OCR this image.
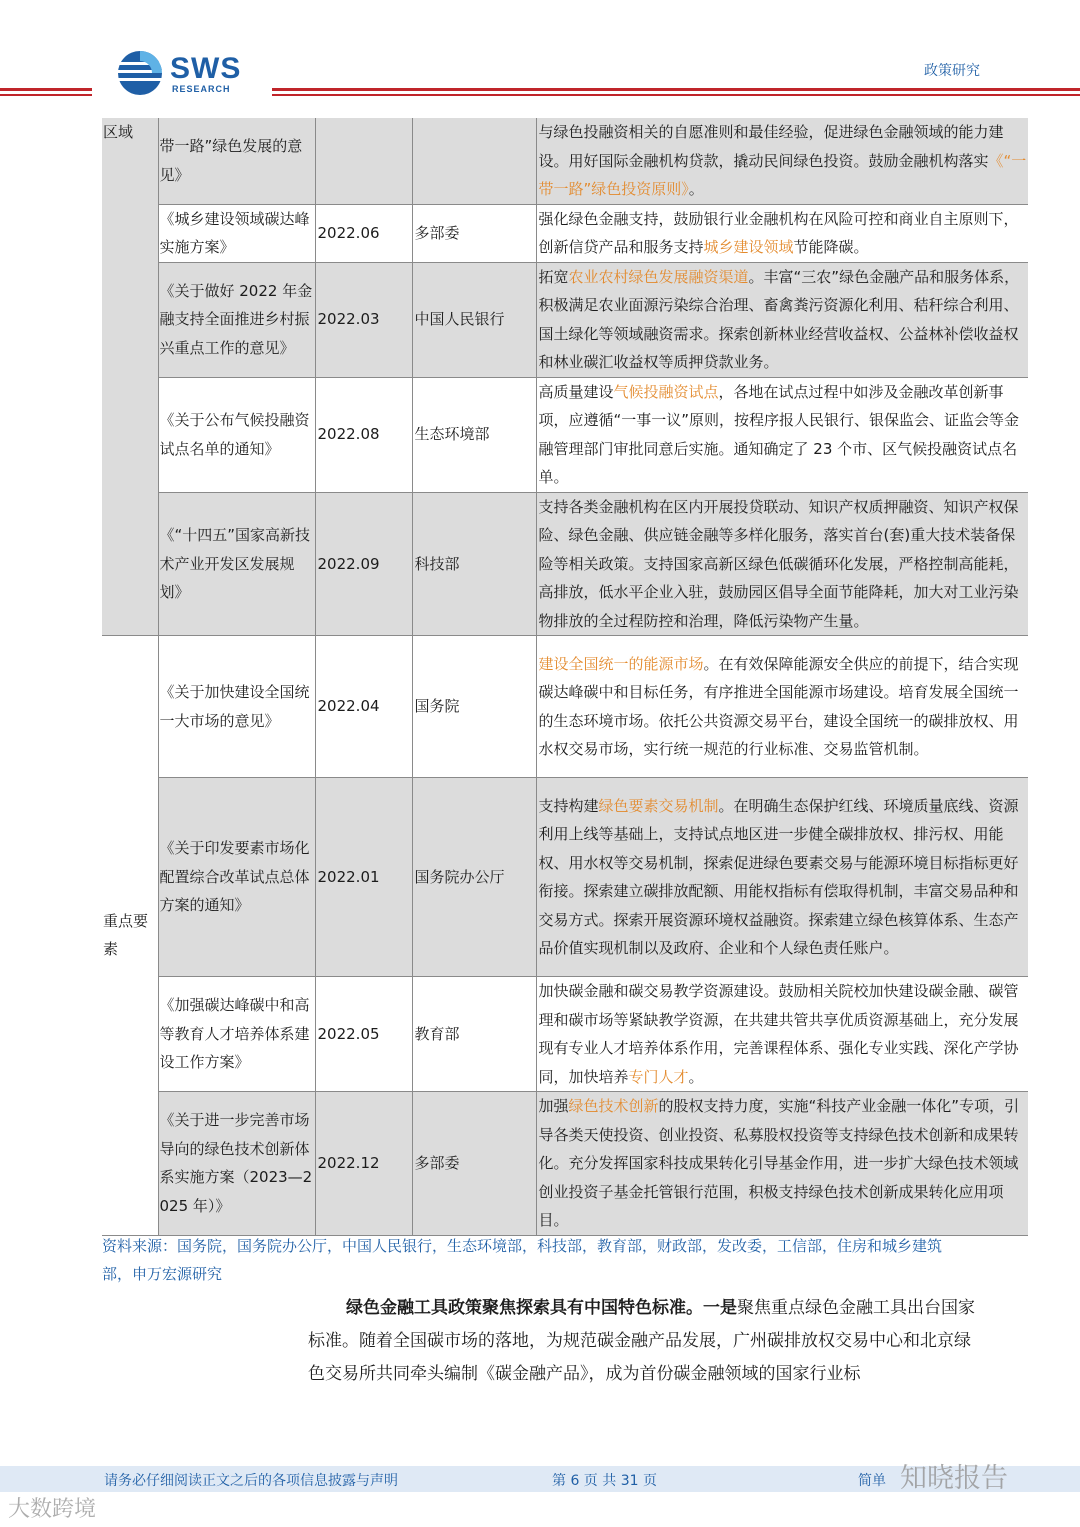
SWS
RESEARCH
政策研究
区域	带一路”绿色发展的意见》			与绿色投融资相关的自愿准则和最佳经验，促进绿色金融领域的能力建设。用好国际金融机构贷款，撬动民间绿色投资。鼓励金融机构落实《“一带一路”绿色投资原则》。
	《城乡建设领域碳达峰实施方案》	2022.06	多部委	强化绿色金融支持，鼓励银行业金融机构在风险可控和商业自主原则下，创新信贷产品和服务支持城乡建设领域节能降碳。
	《关于做好 2022 年金融支持全面推进乡村振兴重点工作的意见》	2022.03	中国人民银行	拓宽农业农村绿色发展融资渠道。丰富“三农”绿色金融产品和服务体系，积极满足农业面源污染综合治理、畜禽粪污资源化利用、秸秆综合利用、国土绿化等领域融资需求。探索创新林业经营收益权、公益林补偿收益权和林业碳汇收益权等质押贷款业务。
	《关于公布气候投融资试点名单的通知》	2022.08	生态环境部	高质量建设气候投融资试点，各地在试点过程中如涉及金融改革创新事项，应遵循“一事一议”原则，按程序报人民银行、银保监会、证监会等金融管理部门审批同意后实施。通知确定了 23 个市、区气候投融资试点名单。
	《“十四五”国家高新技术产业开发区发展规划》	2022.09	科技部	支持各类金融机构在区内开展投贷联动、知识产权质押融资、知识产权保险、绿色金融、供应链金融等多样化服务，落实首台(套)重大技术装备保险等相关政策。支持国家高新区绿色低碳循环化发展，严格控制高能耗，高排放，低水平企业入驻，鼓励园区倡导全面节能降耗，加大对工业污染物排放的全过程防控和治理，降低污染物产生量。
重点要素	《关于加快建设全国统一大市场的意见》	2022.04	国务院	建设全国统一的能源市场。在有效保障能源安全供应的前提下，结合实现碳达峰碳中和目标任务，有序推进全国能源市场建设。培育发展全国统一的生态环境市场。依托公共资源交易平台，建设全国统一的碳排放权、用水权交易市场，实行统一规范的行业标准、交易监管机制。
	《关于印发要素市场化配置综合改革试点总体方案的通知》	2022.01	国务院办公厅	支持构建绿色要素交易机制。在明确生态保护红线、环境质量底线、资源利用上线等基础上，支持试点地区进一步健全碳排放权、排污权、用能权、用水权等交易机制，探索促进绿色要素交易与能源环境目标指标更好衔接。探索建立碳排放配额、用能权指标有偿取得机制，丰富交易品种和交易方式。探索开展资源环境权益融资。探索建立绿色核算体系、生态产品价值实现机制以及政府、企业和个人绿色责任账户。
	《加强碳达峰碳中和高等教育人才培养体系建设工作方案》	2022.05	教育部	加快碳金融和碳交易教学资源建设。鼓励相关院校加快建设碳金融、碳管理和碳市场等紧缺教学资源，在共建共管共享优质资源基础上，充分发展现有专业人才培养体系作用，完善课程体系、强化专业实践、深化产学协同，加快培养专门人才。
	《关于进一步完善市场导向的绿色技术创新体系实施方案（2023—2025 年）》	2022.12	多部委	加强绿色技术创新的股权支持力度，实施“科技产业金融一体化”专项，引导各类天使投资、创业投资、私募股权投资等支持绿色技术创新和成果转化。充分发挥国家科技成果转化引导基金作用，进一步扩大绿色技术领域创业投资子基金托管银行范围，积极支持绿色技术创新成果转化应用项目。
资料来源：国务院，国务院办公厅，中国人民银行，生态环境部，科技部，教育部，财政部，发改委，工信部，住房和城乡建筑部，申万宏源研究
绿色金融工具政策聚焦探索具有中国特色标准。一是聚焦重点绿色金融工具出台国家标准。随着全国碳市场的落地，为规范碳金融产品发展，广州碳排放权交易中心和北京绿色交易所共同牵头编制《碳金融产品》，成为首份碳金融领域的国家行业标
请务必仔细阅读正文之后的各项信息披露与声明	第 6 页 共 31 页	简单 知晓报告
大数跨境
